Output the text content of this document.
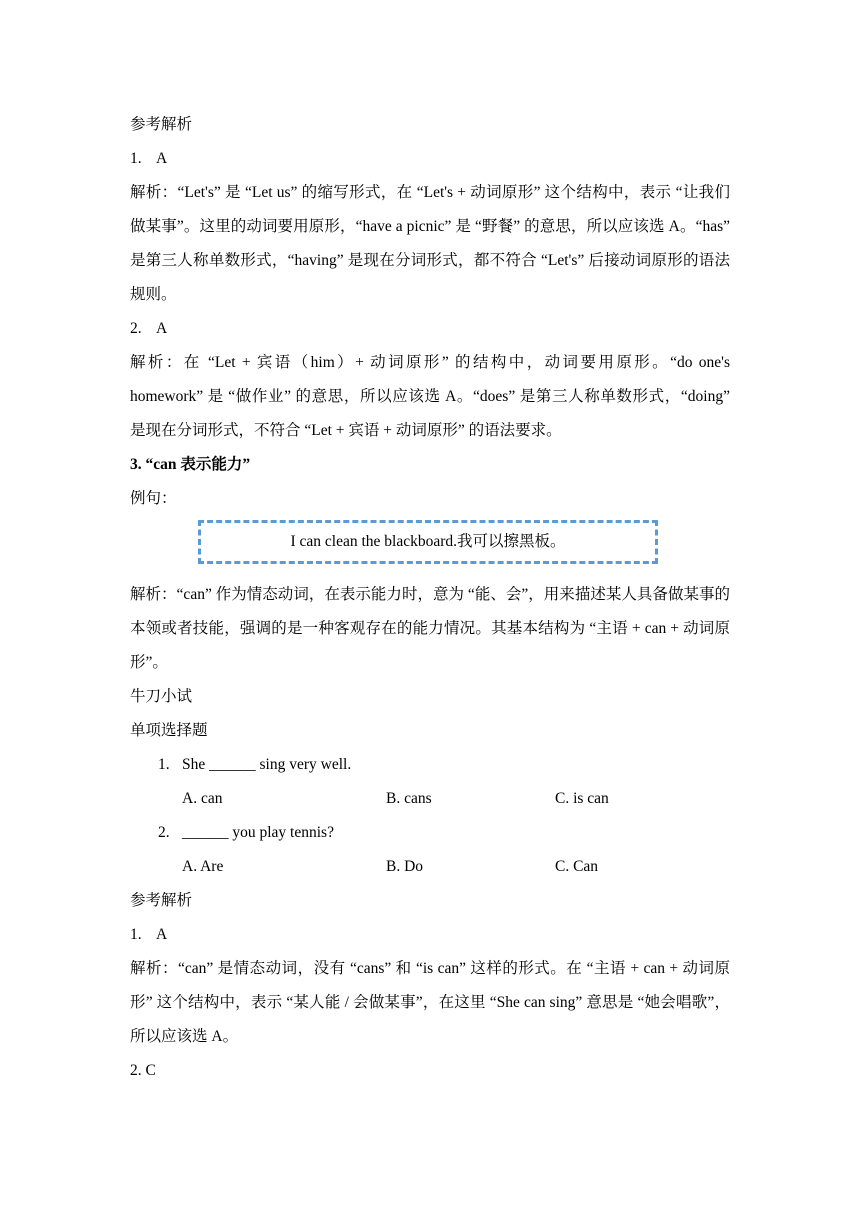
参考解析
1. A
解析：“Let's” 是 “Let us” 的缩写形式，在 “Let's + 动词原形” 这个结构中，表示 “让我们做某事”。这里的动词要用原形，“have a picnic” 是 “野餐” 的意思，所以应该选 A。“has” 是第三人称单数形式，“having” 是现在分词形式，都不符合 “Let's” 后接动词原形的语法规则。
2. A
解析：在 “Let + 宾语（him）+ 动词原形” 的结构中，动词要用原形。“do one's homework” 是 “做作业” 的意思，所以应该选 A。“does” 是第三人称单数形式，“doing” 是现在分词形式，不符合 “Let + 宾语 + 动词原形” 的语法要求。
3. “can 表示能力”
例句：
I can clean the blackboard.我可以擦黑板。
解析：“can” 作为情态动词，在表示能力时，意为 “能、会”，用来描述某人具备做某事的本领或者技能，强调的是一种客观存在的能力情况。其基本结构为 “主语 + can + 动词原形”。
牛刀小试
单项选择题
1. She ______ sing very well.
A. can	B. cans	C. is can
2. ______ you play tennis?
A. Are	B. Do	C. Can
参考解析
1. A
解析：“can” 是情态动词，没有 “cans” 和 “is can” 这样的形式。在 “主语 + can + 动词原形” 这个结构中，表示 “某人能 / 会做某事”，在这里 “She can sing” 意思是 “她会唱歌”，所以应该选 A。
2. C
